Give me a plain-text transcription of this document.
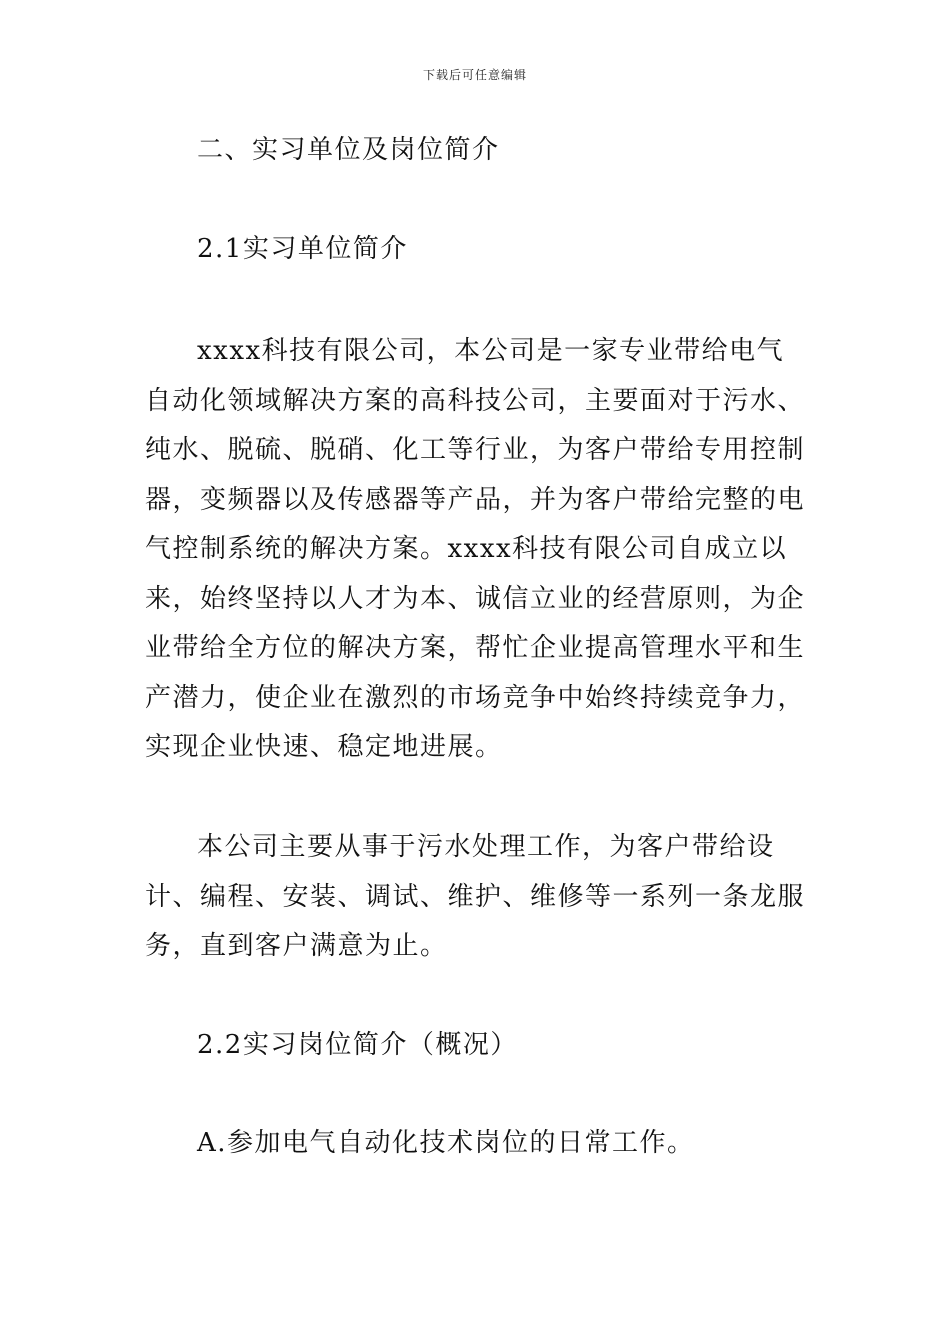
下载后可任意编辑
二、实习单位及岗位简介
2.1实习单位简介
xxxx科技有限公司，本公司是一家专业带给电气自动化领域解决方案的高科技公司，主要面对于污水、纯水、脱硫、脱硝、化工等行业，为客户带给专用控制器，变频器以及传感器等产品，并为客户带给完整的电气控制系统的解决方案。xxxx科技有限公司自成立以来，始终坚持以人才为本、诚信立业的经营原则，为企业带给全方位的解决方案，帮忙企业提高管理水平和生产潜力，使企业在激烈的市场竞争中始终持续竞争力，实现企业快速、稳定地进展。
本公司主要从事于污水处理工作，为客户带给设计、编程、安装、调试、维护、维修等一系列一条龙服务，直到客户满意为止。
2.2实习岗位简介（概况）
A.参加电气自动化技术岗位的日常工作。
